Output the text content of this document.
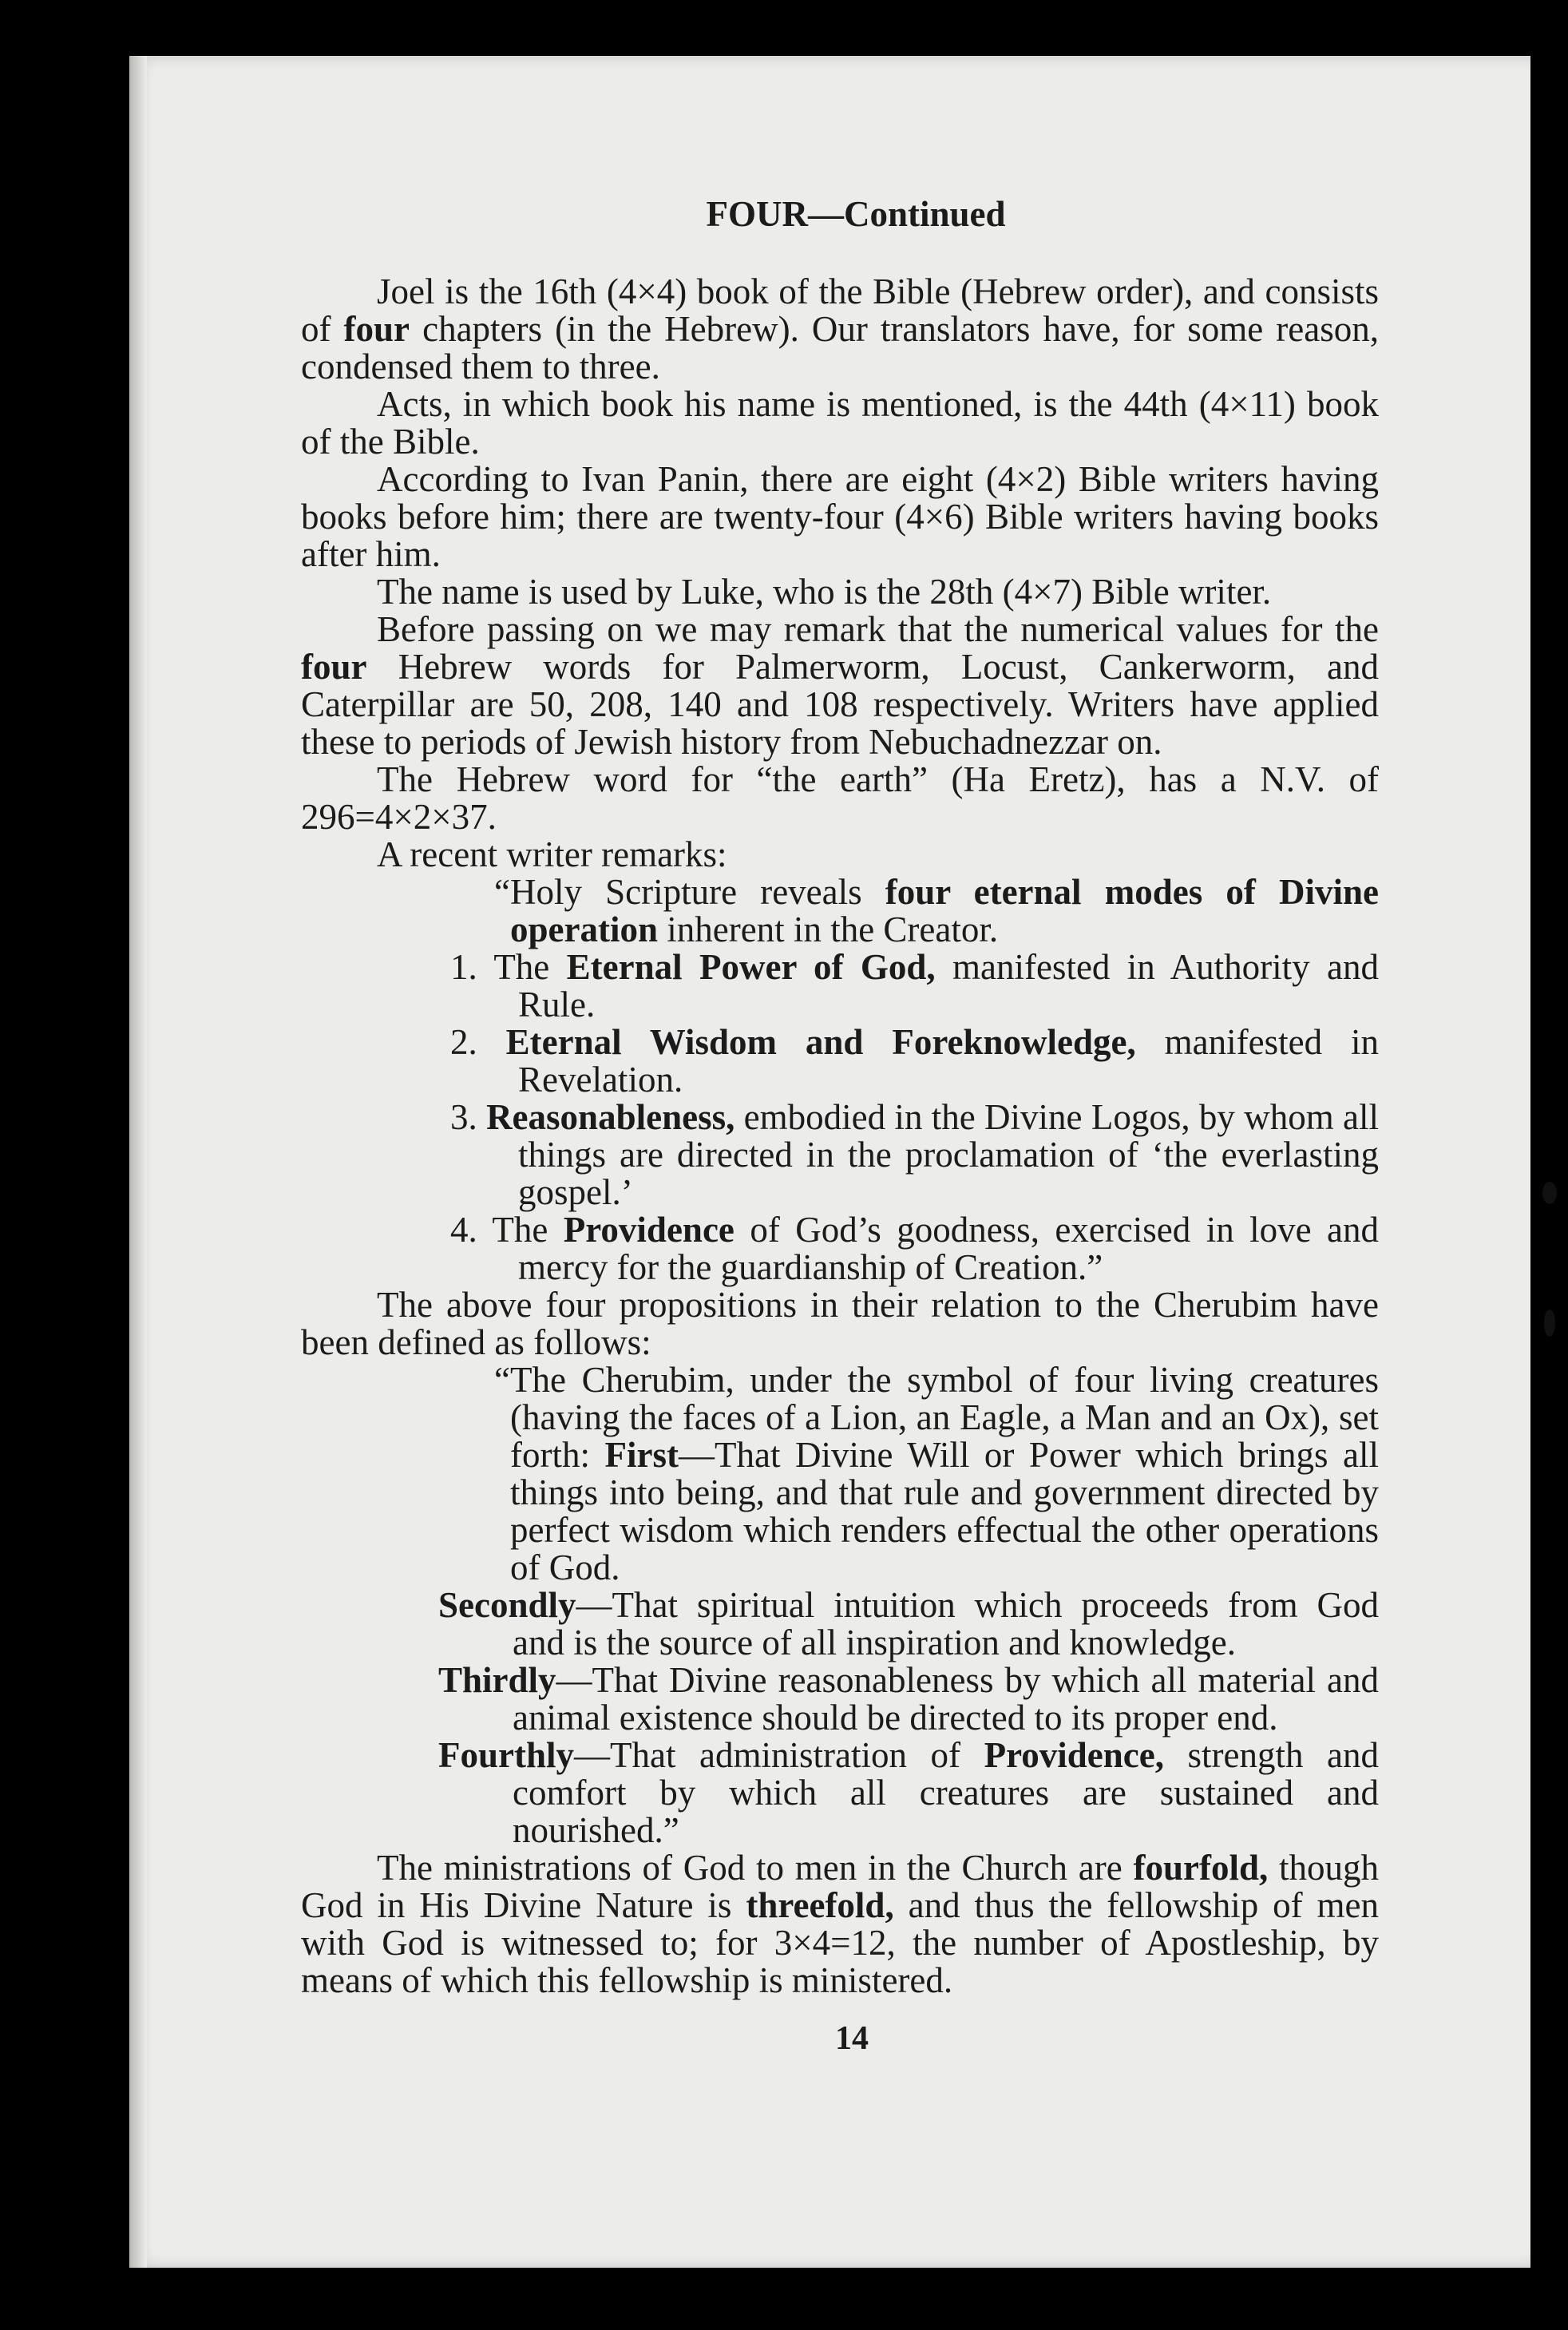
FOUR—Continued

Joel is the 16th (4×4) book of the Bible (Hebrew order), and consists of four chapters (in the Hebrew). Our translators have, for some reason, condensed them to three.

Acts, in which book his name is mentioned, is the 44th (4×11) book of the Bible.

According to Ivan Panin, there are eight (4×2) Bible writers having books before him; there are twenty-four (4×6) Bible writers having books after him.

The name is used by Luke, who is the 28th (4×7) Bible writer.

Before passing on we may remark that the numerical values for the four Hebrew words for Palmerworm, Locust, Cankerworm, and Caterpillar are 50, 208, 140 and 108 respectively. Writers have applied these to periods of Jewish history from Nebuchadnezzar on.

The Hebrew word for “the earth” (Ha Eretz), has a N.V. of 296=4×2×37.

A recent writer remarks:

“Holy Scripture reveals four eternal modes of Divine operation inherent in the Creator.

1. The Eternal Power of God, manifested in Authority and Rule.

2. Eternal Wisdom and Foreknowledge, manifested in Revelation.

3. Reasonableness, embodied in the Divine Logos, by whom all things are directed in the proclamation of ‘the everlasting gospel.’

4. The Providence of God’s goodness, exercised in love and mercy for the guardianship of Creation.”

The above four propositions in their relation to the Cherubim have been defined as follows:

“The Cherubim, under the symbol of four living creatures (having the faces of a Lion, an Eagle, a Man and an Ox), set forth: First—That Divine Will or Power which brings all things into being, and that rule and government directed by perfect wisdom which renders effectual the other operations of God.

Secondly—That spiritual intuition which proceeds from God and is the source of all inspiration and knowledge.

Thirdly—That Divine reasonableness by which all material and animal existence should be directed to its proper end.

Fourthly—That administration of Providence, strength and comfort by which all creatures are sustained and nourished.”

The ministrations of God to men in the Church are fourfold, though God in His Divine Nature is threefold, and thus the fellowship of men with God is witnessed to; for 3×4=12, the number of Apostleship, by means of which this fellowship is ministered.

14
